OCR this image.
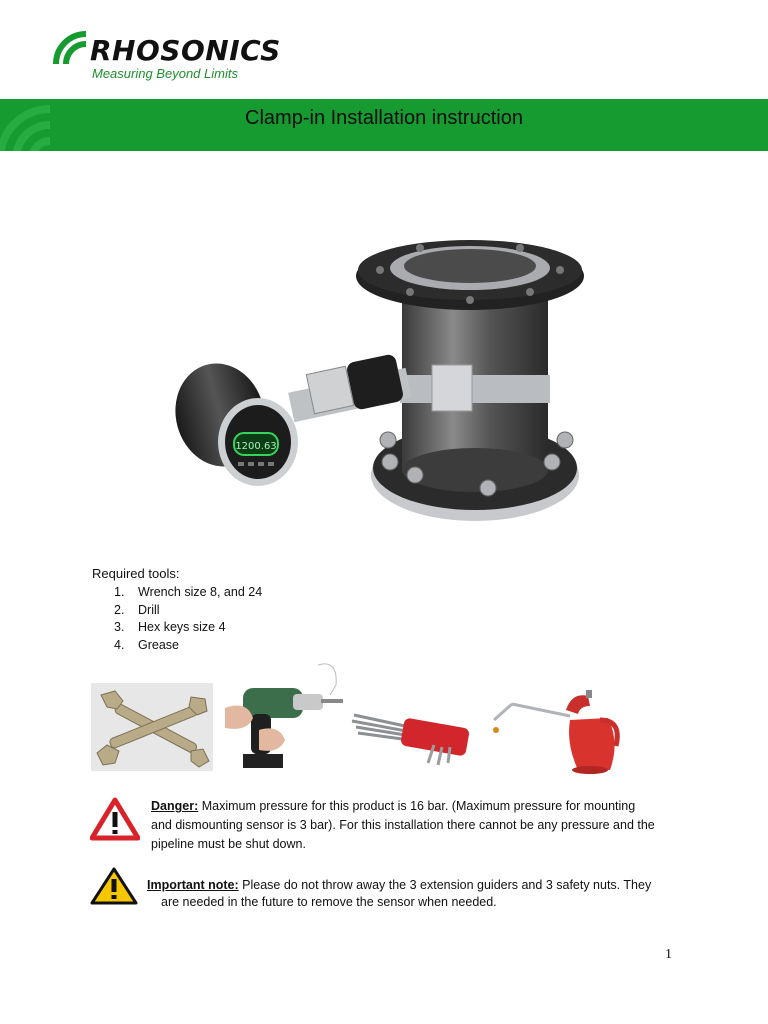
RHOSONICS
Measuring Beyond Limits
Clamp-in Installation instruction
1200.63
Required tools:
1.	Wrench size 8, and 24
2.	Drill
3.	Hex keys size 4
4.	Grease
Danger: Maximum pressure for this product is 16 bar. (Maximum pressure for mounting
and dismounting sensor is 3 bar). For this installation there cannot be any pressure and the pipeline must be shut down.
Important note: Please do not throw away the 3 extension guiders and 3 safety nuts. They
are needed in the future to remove the sensor when needed.
1
